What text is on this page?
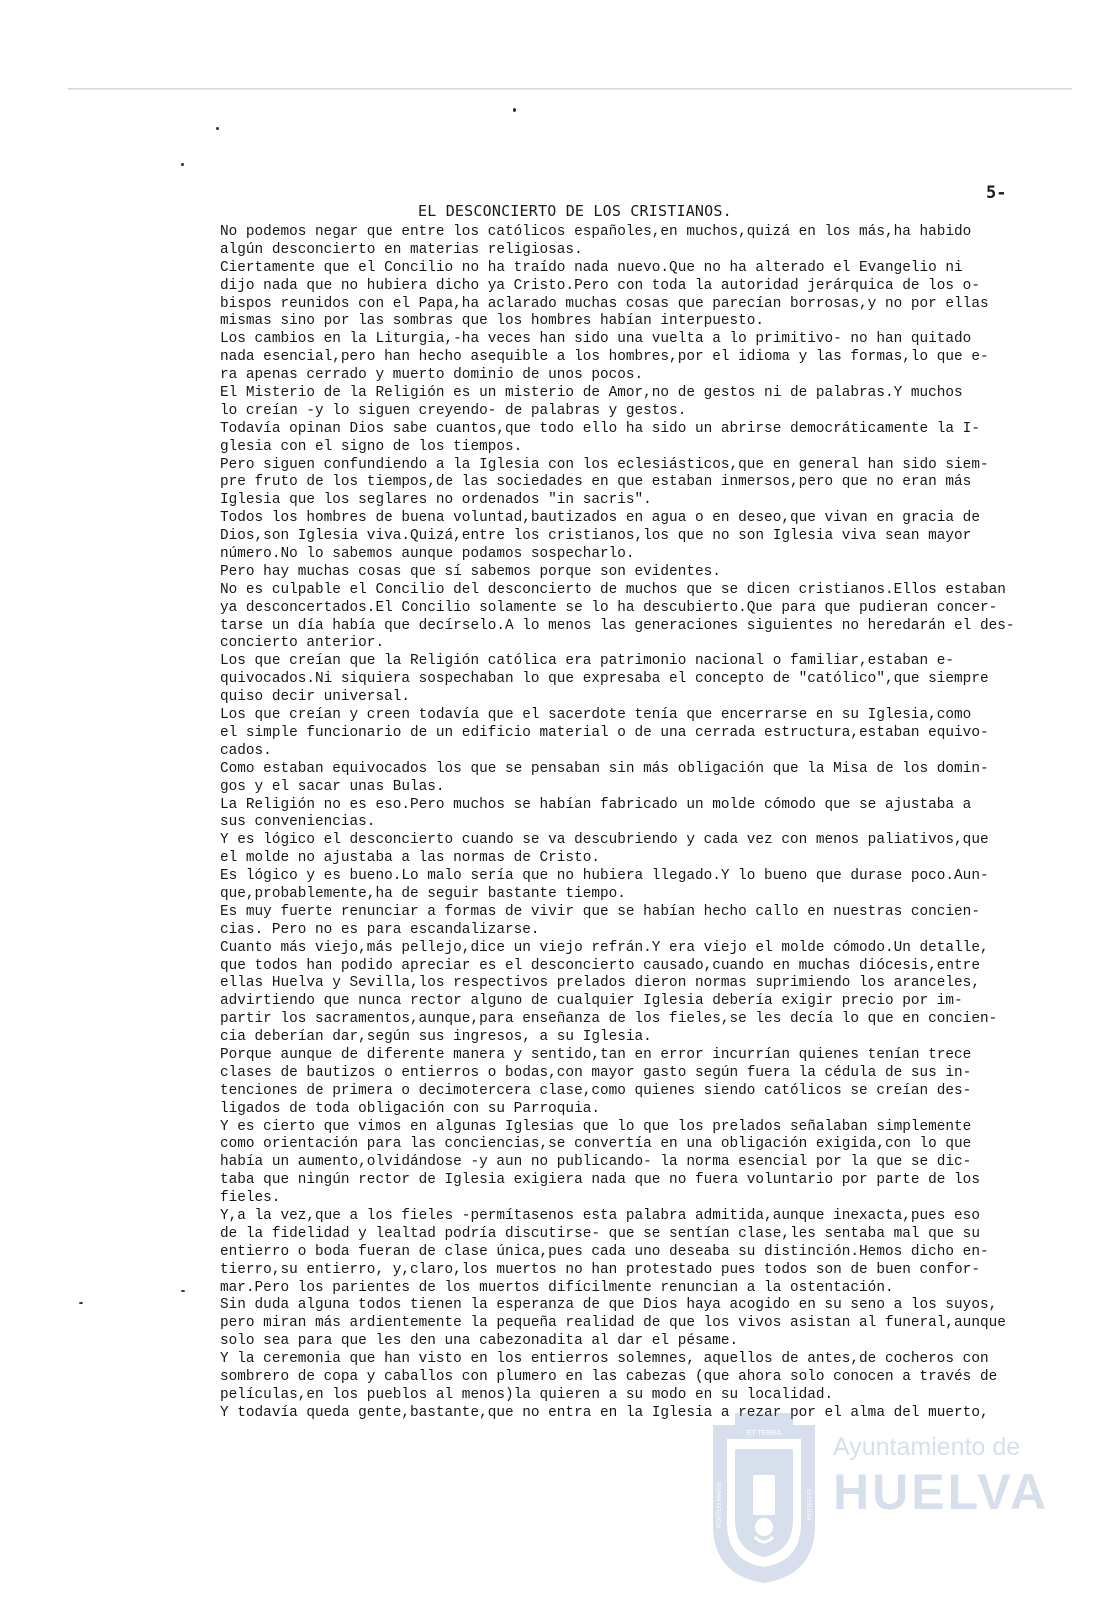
5-
EL DESCONCIERTO DE LOS CRISTIANOS.
No podemos negar que entre los católicos españoles,en muchos,quizá en los más,ha habido
algún desconcierto en materias religiosas.
Ciertamente que el Concilio no ha traído nada nuevo.Que no ha alterado el Evangelio ni
dijo nada que no hubiera dicho ya Cristo.Pero con toda la autoridad jerárquica de los o-
bispos reunidos con el Papa,ha aclarado muchas cosas que parecían borrosas,y no por ellas
mismas sino por las sombras que los hombres habían interpuesto.
Los cambios en la Liturgia,-ha veces han sido una vuelta a lo primitivo- no han quitado
nada esencial,pero han hecho asequible a los hombres,por el idioma y las formas,lo que e-
ra apenas cerrado y muerto dominio de unos pocos.
El Misterio de la Religión es un misterio de Amor,no de gestos ni de palabras.Y muchos
lo creían -y lo siguen creyendo- de palabras y gestos.
Todavía opinan Dios sabe cuantos,que todo ello ha sido un abrirse democráticamente la I-
glesia con el signo de los tiempos.
Pero siguen confundiendo a la Iglesia con los eclesiásticos,que en general han sido siem-
pre fruto de los tiempos,de las sociedades en que estaban inmersos,pero que no eran más
Iglesia que los seglares no ordenados "in sacris".
Todos los hombres de buena voluntad,bautizados en agua o en deseo,que vivan en gracia de
Dios,son Iglesia viva.Quizá,entre los cristianos,los que no son Iglesia viva sean mayor
número.No lo sabemos aunque podamos sospecharlo.
Pero hay muchas cosas que sí sabemos porque son evidentes.
No es culpable el Concilio del desconcierto de muchos que se dicen cristianos.Ellos estaban
ya desconcertados.El Concilio solamente se lo ha descubierto.Que para que pudieran concer-
tarse un día había que decírselo.A lo menos las generaciones siguientes no heredarán el des-
concierto anterior.
Los que creían que la Religión católica era patrimonio nacional o familiar,estaban e-
quivocados.Ni siquiera sospechaban lo que expresaba el concepto de "católico",que siempre
quiso decir universal.
Los que creían y creen todavía que el sacerdote tenía que encerrarse en su Iglesia,como
el simple funcionario de un edificio material o de una cerrada estructura,estaban equivo-
cados.
Como estaban equivocados los que se pensaban sin más obligación que la Misa de los domin-
gos y el sacar unas Bulas.
La Religión no es eso.Pero muchos se habían fabricado un molde cómodo que se ajustaba a
sus conveniencias.
Y es lógico el desconcierto cuando se va descubriendo y cada vez con menos paliativos,que
el molde no ajustaba a las normas de Cristo.
Es lógico y es bueno.Lo malo sería que no hubiera llegado.Y lo bueno que durase poco.Aun-
que,probablemente,ha de seguir bastante tiempo.
Es muy fuerte renunciar a formas de vivir que se habían hecho callo en nuestras concien-
cias. Pero no es para escandalizarse.
Cuanto más viejo,más pellejo,dice un viejo refrán.Y era viejo el molde cómodo.Un detalle,
que todos han podido apreciar es el desconcierto causado,cuando en muchas diócesis,entre
ellas Huelva y Sevilla,los respectivos prelados dieron normas suprimiendo los aranceles,
advirtiendo que nunca rector alguno de cualquier Iglesia debería exigir precio por im-
partir los sacramentos,aunque,para enseñanza de los fieles,se les decía lo que en concien-
cia deberían dar,según sus ingresos, a su Iglesia.
Porque aunque de diferente manera y sentido,tan en error incurrían quienes tenían trece
clases de bautizos o entierros o bodas,con mayor gasto según fuera la cédula de sus in-
tenciones de primera o decimotercera clase,como quienes siendo católicos se creían des-
ligados de toda obligación con su Parroquia.
Y es cierto que vimos en algunas Iglesias que lo que los prelados señalaban simplemente
como orientación para las conciencias,se convertía en una obligación exigida,con lo que
había un aumento,olvidándose -y aun no publicando- la norma esencial por la que se dic-
taba que ningún rector de Iglesia exigiera nada que no fuera voluntario por parte de los
fieles.
Y,a la vez,que a los fieles -permítasenos esta palabra admitida,aunque inexacta,pues eso
de la fidelidad y lealtad podría discutirse- que se sentían clase,les sentaba mal que su
entierro o boda fueran de clase única,pues cada uno deseaba su distinción.Hemos dicho en-
tierro,su entierro, y,claro,los muertos no han protestado pues todos son de buen confor-
mar.Pero los parientes de los muertos difícilmente renuncian a la ostentación.
Sin duda alguna todos tienen la esperanza de que Dios haya acogido en su seno a los suyos,
pero miran más ardientemente la pequeña realidad de que los vivos asistan al funeral,aunque
solo sea para que les den una cabezonadita al dar el pésame.
Y la ceremonia que han visto en los entierros solemnes, aquellos de antes,de cocheros con
sombrero de copa y caballos con plumero en las cabezas (que ahora solo conocen a través de
películas,en los pueblos al menos)la quieren a su modo en su localidad.
Y todavía queda gente,bastante,que no entra en la Iglesia a rezar por el alma del muerto,
ET TERRA
PORTUS MARIS	CUSTODIA
Ayuntamiento de
HUELVA
